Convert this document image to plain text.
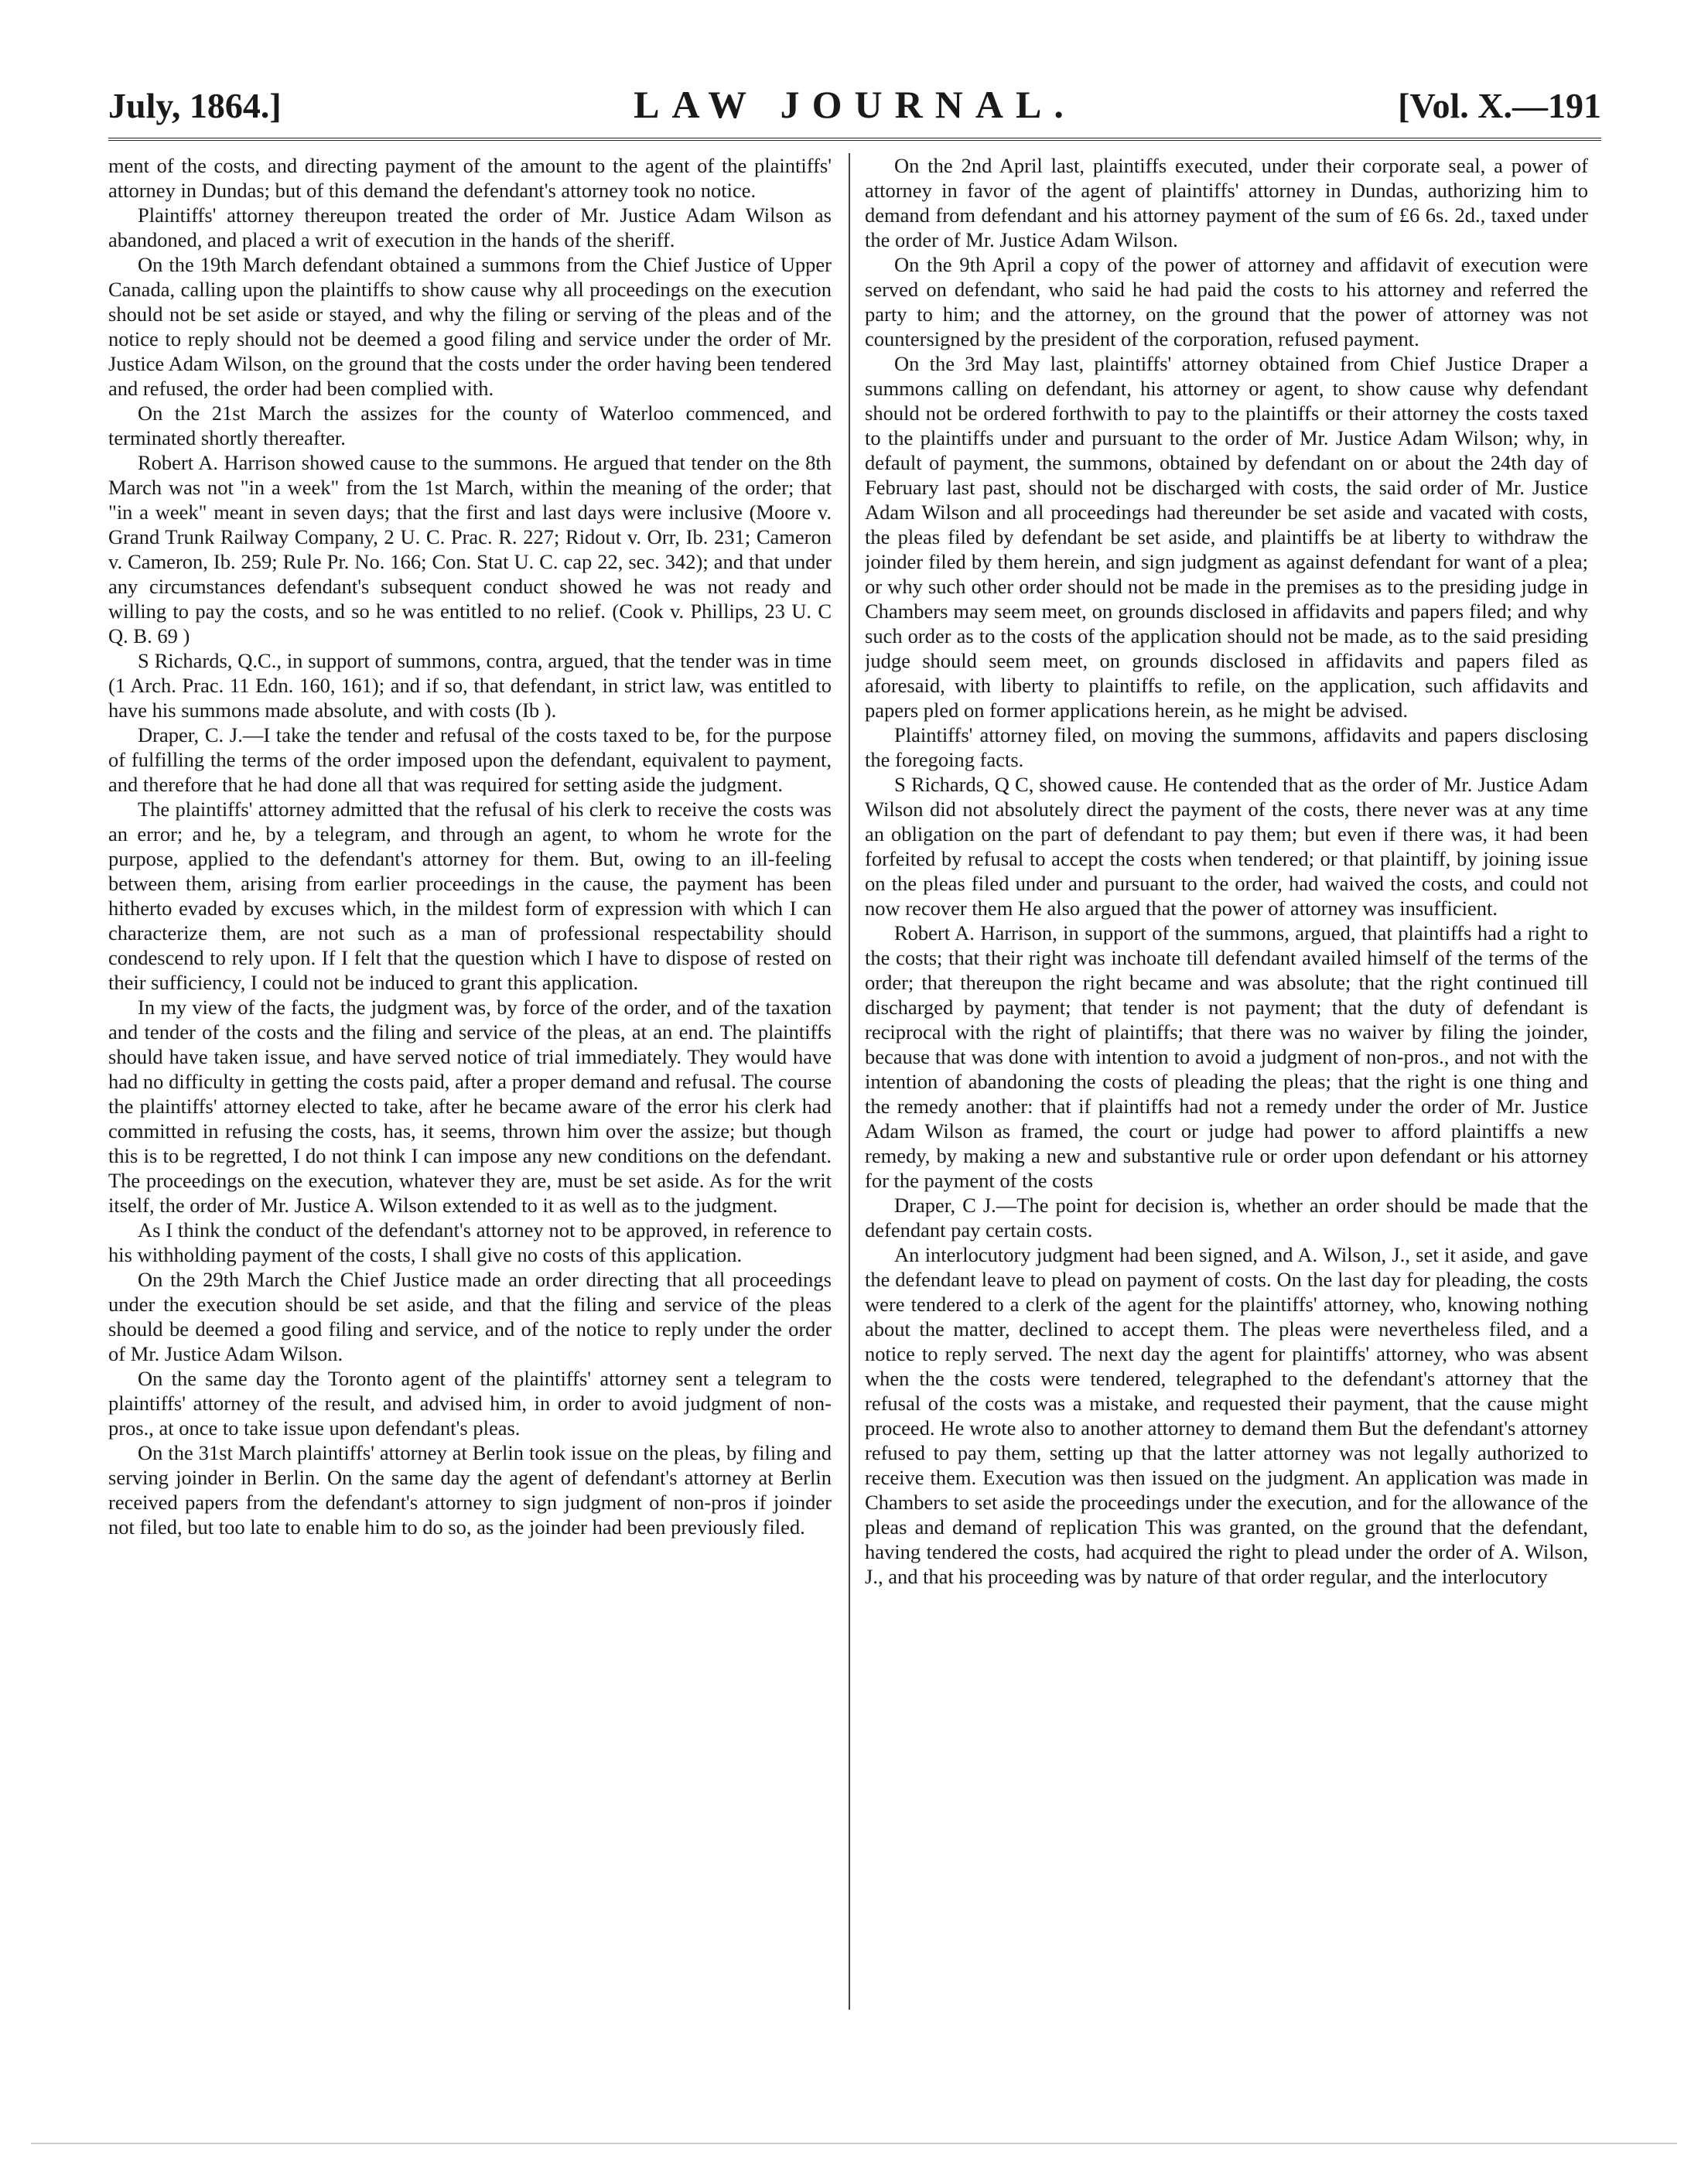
July, 1864.]	LAW JOURNAL.	[Vol. X.—191

ment of the costs, and directing payment of the amount to the agent of the plaintiffs' attorney in Dundas; but of this demand the defendant's attorney took no notice.

Plaintiffs' attorney thereupon treated the order of Mr. Justice Adam Wilson as abandoned, and placed a writ of execution in the hands of the sheriff.

On the 19th March defendant obtained a summons from the Chief Justice of Upper Canada, calling upon the plaintiffs to show cause why all proceedings on the execution should not be set aside or stayed, and why the filing or serving of the pleas and of the notice to reply should not be deemed a good filing and service under the order of Mr. Justice Adam Wilson, on the ground that the costs under the order having been tendered and refused, the order had been complied with.

On the 21st March the assizes for the county of Waterloo commenced, and terminated shortly thereafter.

Robert A. Harrison showed cause to the summons. He argued that tender on the 8th March was not "in a week" from the 1st March, within the meaning of the order; that "in a week" meant in seven days; that the first and last days were inclusive (Moore v. Grand Trunk Railway Company, 2 U. C. Prac. R. 227; Ridout v. Orr, Ib. 231; Cameron v. Cameron, Ib. 259; Rule Pr. No. 166; Con. Stat U. C. cap 22, sec. 342); and that under any circumstances defendant's subsequent conduct showed he was not ready and willing to pay the costs, and so he was entitled to no relief. (Cook v. Phillips, 23 U. C Q. B. 69 )

S Richards, Q.C., in support of summons, contra, argued, that the tender was in time (1 Arch. Prac. 11 Edn. 160, 161); and if so, that defendant, in strict law, was entitled to have his summons made absolute, and with costs (Ib ).

Draper, C. J.—I take the tender and refusal of the costs taxed to be, for the purpose of fulfilling the terms of the order imposed upon the defendant, equivalent to payment, and therefore that he had done all that was required for setting aside the judgment.

The plaintiffs' attorney admitted that the refusal of his clerk to receive the costs was an error; and he, by a telegram, and through an agent, to whom he wrote for the purpose, applied to the defendant's attorney for them. But, owing to an ill-feeling between them, arising from earlier proceedings in the cause, the payment has been hitherto evaded by excuses which, in the mildest form of expression with which I can characterize them, are not such as a man of professional respectability should condescend to rely upon. If I felt that the question which I have to dispose of rested on their sufficiency, I could not be induced to grant this application.

In my view of the facts, the judgment was, by force of the order, and of the taxation and tender of the costs and the filing and service of the pleas, at an end. The plaintiffs should have taken issue, and have served notice of trial immediately. They would have had no difficulty in getting the costs paid, after a proper demand and refusal. The course the plaintiffs' attorney elected to take, after he became aware of the error his clerk had committed in refusing the costs, has, it seems, thrown him over the assize; but though this is to be regretted, I do not think I can impose any new conditions on the defendant. The proceedings on the execution, whatever they are, must be set aside. As for the writ itself, the order of Mr. Justice A. Wilson extended to it as well as to the judgment.

As I think the conduct of the defendant's attorney not to be approved, in reference to his withholding payment of the costs, I shall give no costs of this application.

On the 29th March the Chief Justice made an order directing that all proceedings under the execution should be set aside, and that the filing and service of the pleas should be deemed a good filing and service, and of the notice to reply under the order of Mr. Justice Adam Wilson.

On the same day the Toronto agent of the plaintiffs' attorney sent a telegram to plaintiffs' attorney of the result, and advised him, in order to avoid judgment of non-pros., at once to take issue upon defendant's pleas.

On the 31st March plaintiffs' attorney at Berlin took issue on the pleas, by filing and serving joinder in Berlin. On the same day the agent of defendant's attorney at Berlin received papers from the defendant's attorney to sign judgment of non-pros if joinder not filed, but too late to enable him to do so, as the joinder had been previously filed.

On the 2nd April last, plaintiffs executed, under their corporate seal, a power of attorney in favor of the agent of plaintiffs' attorney in Dundas, authorizing him to demand from defendant and his attorney payment of the sum of £6 6s. 2d., taxed under the order of Mr. Justice Adam Wilson.

On the 9th April a copy of the power of attorney and affidavit of execution were served on defendant, who said he had paid the costs to his attorney and referred the party to him; and the attorney, on the ground that the power of attorney was not countersigned by the president of the corporation, refused payment.

On the 3rd May last, plaintiffs' attorney obtained from Chief Justice Draper a summons calling on defendant, his attorney or agent, to show cause why defendant should not be ordered forthwith to pay to the plaintiffs or their attorney the costs taxed to the plaintiffs under and pursuant to the order of Mr. Justice Adam Wilson; why, in default of payment, the summons, obtained by defendant on or about the 24th day of February last past, should not be discharged with costs, the said order of Mr. Justice Adam Wilson and all proceedings had thereunder be set aside and vacated with costs, the pleas filed by defendant be set aside, and plaintiffs be at liberty to withdraw the joinder filed by them herein, and sign judgment as against defendant for want of a plea; or why such other order should not be made in the premises as to the presiding judge in Chambers may seem meet, on grounds disclosed in affidavits and papers filed; and why such order as to the costs of the application should not be made, as to the said presiding judge should seem meet, on grounds disclosed in affidavits and papers filed as aforesaid, with liberty to plaintiffs to refile, on the application, such affidavits and papers pled on former applications herein, as he might be advised.

Plaintiffs' attorney filed, on moving the summons, affidavits and papers disclosing the foregoing facts.

S Richards, Q C, showed cause. He contended that as the order of Mr. Justice Adam Wilson did not absolutely direct the payment of the costs, there never was at any time an obligation on the part of defendant to pay them; but even if there was, it had been forfeited by refusal to accept the costs when tendered; or that plaintiff, by joining issue on the pleas filed under and pursuant to the order, had waived the costs, and could not now recover them He also argued that the power of attorney was insufficient.

Robert A. Harrison, in support of the summons, argued, that plaintiffs had a right to the costs; that their right was inchoate till defendant availed himself of the terms of the order; that thereupon the right became and was absolute; that the right continued till discharged by payment; that tender is not payment; that the duty of defendant is reciprocal with the right of plaintiffs; that there was no waiver by filing the joinder, because that was done with intention to avoid a judgment of non-pros., and not with the intention of abandoning the costs of pleading the pleas; that the right is one thing and the remedy another: that if plaintiffs had not a remedy under the order of Mr. Justice Adam Wilson as framed, the court or judge had power to afford plaintiffs a new remedy, by making a new and substantive rule or order upon defendant or his attorney for the payment of the costs

Draper, C J.—The point for decision is, whether an order should be made that the defendant pay certain costs.

An interlocutory judgment had been signed, and A. Wilson, J., set it aside, and gave the defendant leave to plead on payment of costs. On the last day for pleading, the costs were tendered to a clerk of the agent for the plaintiffs' attorney, who, knowing nothing about the matter, declined to accept them. The pleas were nevertheless filed, and a notice to reply served. The next day the agent for plaintiffs' attorney, who was absent when the the costs were tendered, telegraphed to the defendant's attorney that the refusal of the costs was a mistake, and requested their payment, that the cause might proceed. He wrote also to another attorney to demand them But the defendant's attorney refused to pay them, setting up that the latter attorney was not legally authorized to receive them. Execution was then issued on the judgment. An application was made in Chambers to set aside the proceedings under the execution, and for the allowance of the pleas and demand of replication This was granted, on the ground that the defendant, having tendered the costs, had acquired the right to plead under the order of A. Wilson, J., and that his proceeding was by nature of that order regular, and the interlocutory
